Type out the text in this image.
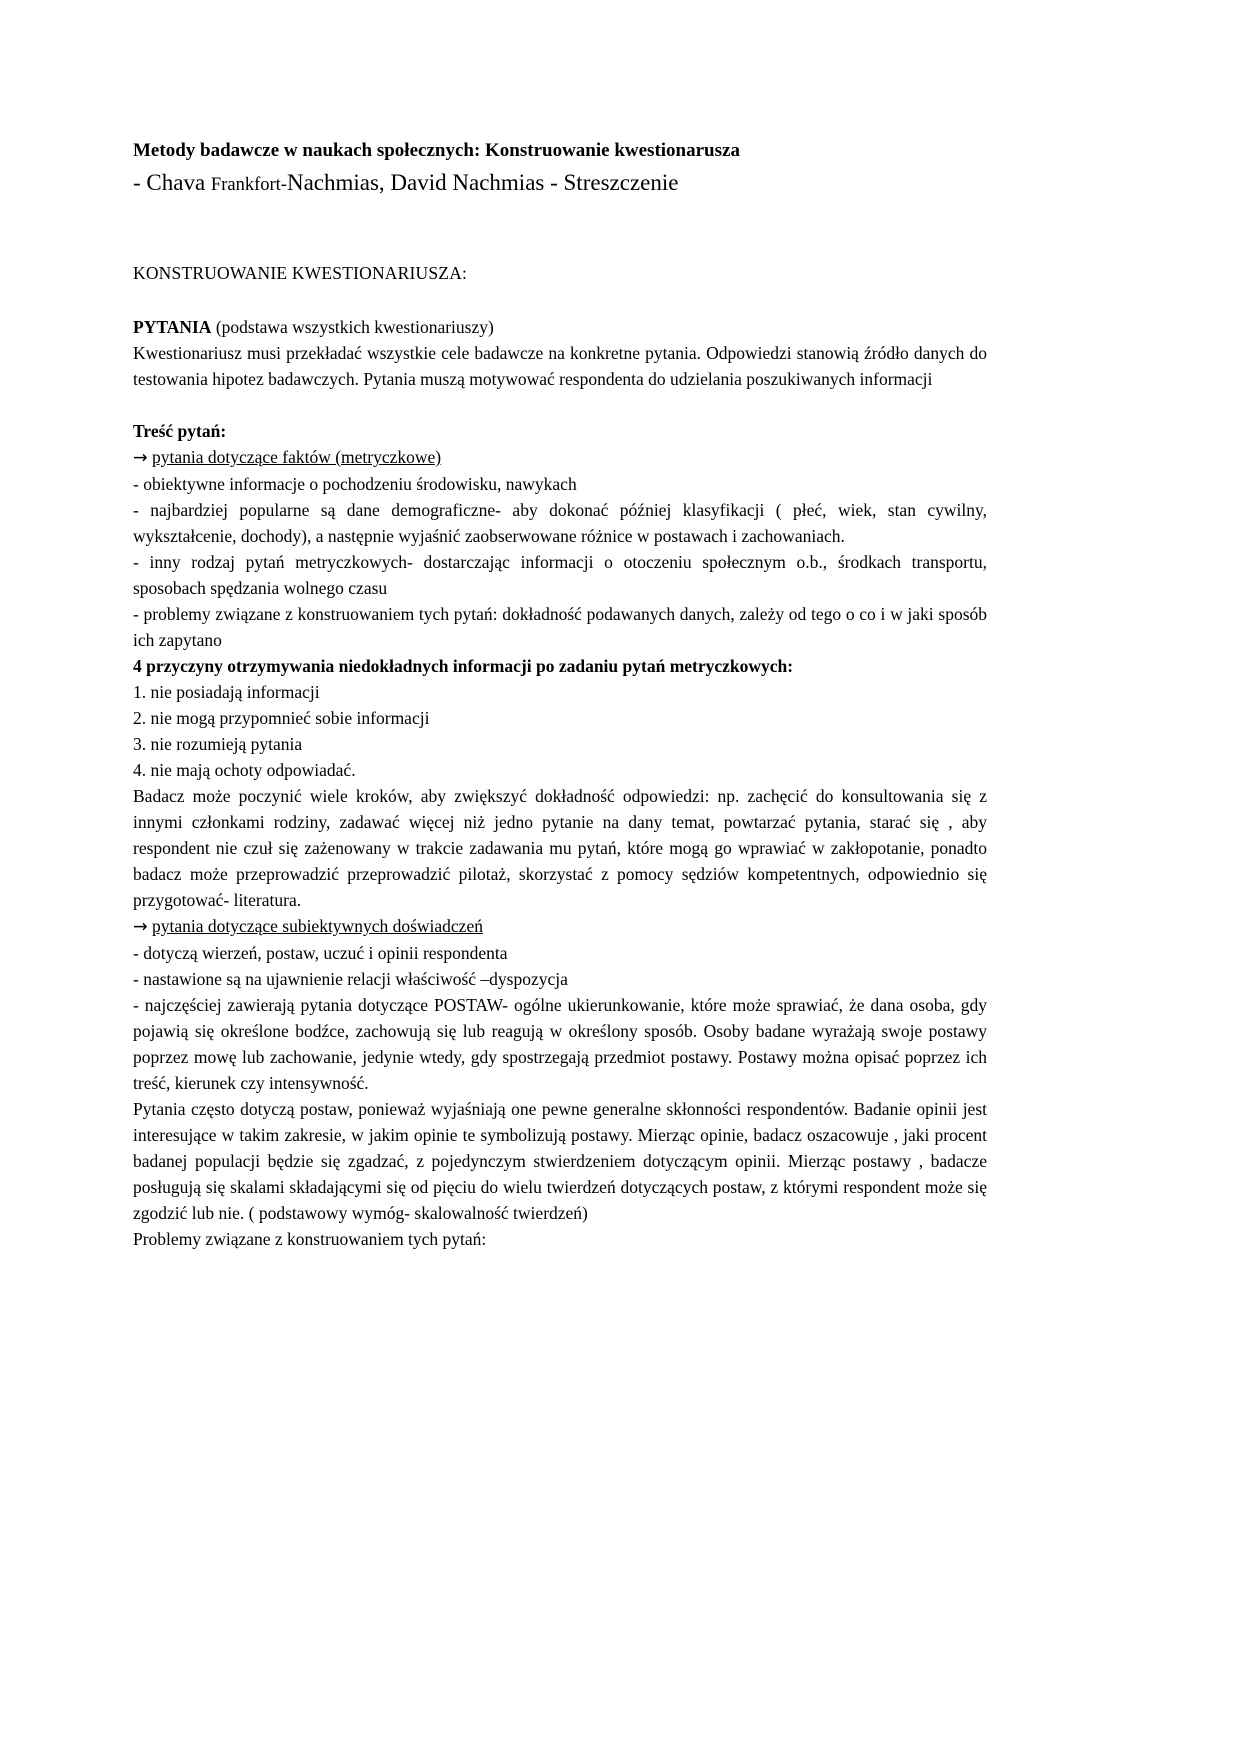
Metody badawcze w naukach społecznych: Konstruowanie kwestionarusza
- Chava Frankfort-Nachmias, David Nachmias - Streszczenie

KONSTRUOWANIE KWESTIONARIUSZA:

PYTANIA (podstawa wszystkich kwestionariuszy)

Kwestionariusz musi przekładać wszystkie cele badawcze na konkretne pytania. Odpowiedzi stanowią źródło danych do testowania hipotez badawczych. Pytania muszą motywować respondenta do udzielania poszukiwanych informacji

Treść pytań:

→ pytania dotyczące faktów (metryczkowe)

- obiektywne informacje o pochodzeniu środowisku, nawykach

- najbardziej popularne są dane demograficzne- aby dokonać później klasyfikacji ( płeć, wiek, stan cywilny, wykształcenie, dochody), a następnie wyjaśnić zaobserwowane różnice w postawach i zachowaniach.

- inny rodzaj pytań metryczkowych- dostarczając informacji o otoczeniu społecznym o.b., środkach transportu, sposobach spędzania wolnego czasu

- problemy związane z konstruowaniem tych pytań: dokładność podawanych danych, zależy od tego o co i w jaki sposób ich zapytano

4 przyczyny otrzymywania niedokładnych informacji po zadaniu pytań metryczkowych:

1. nie posiadają informacji

2. nie mogą przypomnieć sobie informacji

3. nie rozumieją pytania

4. nie mają ochoty odpowiadać.

Badacz może poczynić wiele kroków, aby zwiększyć dokładność odpowiedzi: np. zachęcić do konsultowania się z innymi członkami rodziny, zadawać więcej niż jedno pytanie na dany temat, powtarzać pytania, starać się , aby respondent nie czuł się zażenowany w trakcie zadawania mu pytań, które mogą go wprawiać w zakłopotanie, ponadto badacz może przeprowadzić przeprowadzić pilotaż, skorzystać z pomocy sędziów kompetentnych, odpowiednio się przygotować- literatura.

→ pytania dotyczące subiektywnych doświadczeń

- dotyczą wierzeń, postaw, uczuć i opinii respondenta

- nastawione są na ujawnienie relacji właściwość –dyspozycja

- najczęściej zawierają pytania dotyczące POSTAW- ogólne ukierunkowanie, które może sprawiać, że dana osoba, gdy pojawią się określone bodźce, zachowują się lub reagują w określony sposób. Osoby badane wyrażają swoje postawy poprzez mowę lub zachowanie, jedynie wtedy, gdy spostrzegają przedmiot postawy. Postawy można opisać poprzez ich treść, kierunek czy intensywność.

Pytania często dotyczą postaw, ponieważ wyjaśniają one pewne generalne skłonności respondentów. Badanie opinii jest interesujące w takim zakresie, w jakim opinie te symbolizują postawy. Mierząc opinie, badacz oszacowuje , jaki procent badanej populacji będzie się zgadzać, z pojedynczym stwierdzeniem dotyczącym opinii. Mierząc postawy , badacze posługują się skalami składającymi się od pięciu do wielu twierdzeń dotyczących postaw, z którymi respondent może się zgodzić lub nie. ( podstawowy wymóg- skalowalność twierdzeń)

Problemy związane z konstruowaniem tych pytań:
